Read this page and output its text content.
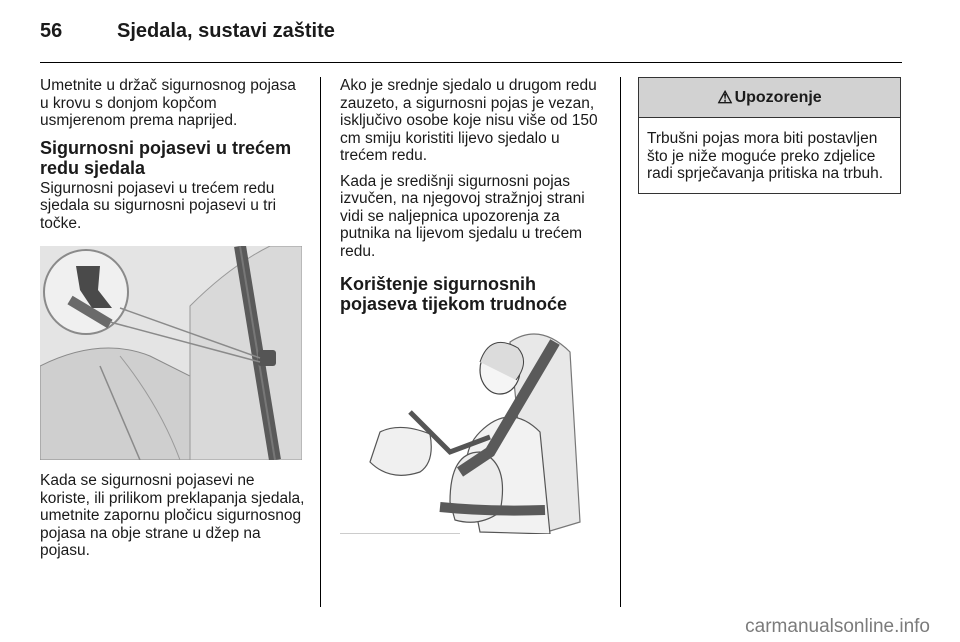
56	Sjedala, sustavi zaštite

Umetnite u držač sigurnosnog pojasa u krovu s donjom kopčom usmjerenom prema naprijed.

Sigurnosni pojasevi u trećem redu sjedala

Sigurnosni pojasevi u trećem redu sjedala su sigurnosni pojasevi u tri točke.

Kada se sigurnosni pojasevi ne koriste, ili prilikom preklapanja sjedala, umetnite zapornu pločicu sigurnosnog pojasa na obje strane u džep na pojasu.

Ako je srednje sjedalo u drugom redu zauzeto, a sigurnosni pojas je vezan, isključivo osobe koje nisu više od 150 cm smiju koristiti lijevo sjedalo u trećem redu.

Kada je središnji sigurnosni pojas izvučen, na njegovoj stražnjoj strani vidi se naljepnica upozorenja za putnika na lijevom sjedalu u trećem redu.

Korištenje sigurnosnih pojaseva tijekom trudnoće
⚠ Upozorenje
Trbušni pojas mora biti postavljen što je niže moguće preko zdjelice radi sprječavanja pritiska na trbuh.
carmanualsonline.info
